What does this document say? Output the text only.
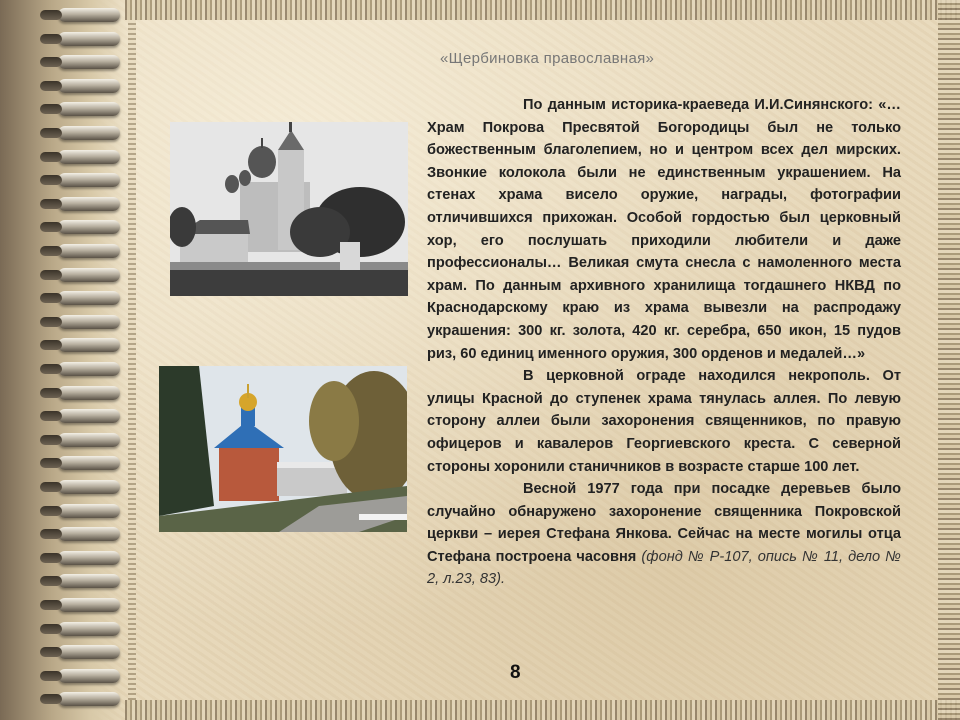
«Щербиновка православная»

По данным историка-краеведа И.И.Синянского: «…Храм Покрова Пресвятой Богородицы был не только божественным благолепием, но и центром всех дел мирских. Звонкие колокола были не единственным украшением. На стенах храма висело оружие, награды, фотографии отличившихся прихожан. Особой гордостью был церковный хор, его послушать приходили любители и даже профессионалы… Великая смута снесла с намоленного места храм. По данным архивного хранилища тогдашнего НКВД по Краснодарскому краю из храма вывезли на распродажу украшения: 300 кг. золота, 420 кг. серебра, 650 икон, 15 пудов риз, 60 единиц именного оружия, 300 орденов и медалей…»

В церковной ограде находился некрополь. От улицы Красной до ступенек храма тянулась аллея. По левую сторону аллеи были захоронения священников, по правую офицеров и кавалеров Георгиевского креста. С северной стороны хоронили станичников в возрасте старше 100 лет.

Весной 1977 года при посадке деревьев было случайно обнаружено захоронение священника Покровской церкви – иерея Стефана Янкова. Сейчас на месте могилы отца Стефана построена часовня (фонд № Р-107, опись № 11, дело № 2, л.23, 83).

8
